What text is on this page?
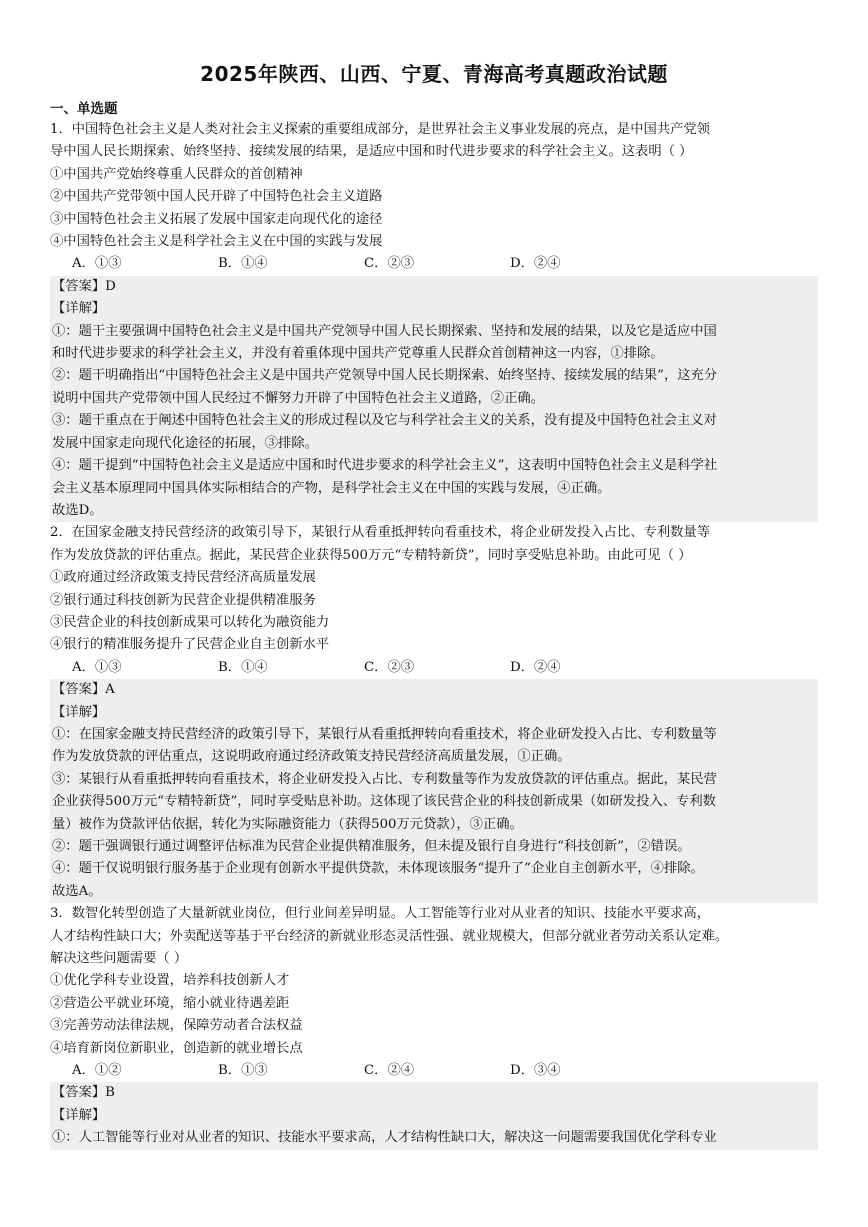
2025年陕西、山西、宁夏、青海高考真题政治试题
一、单选题
1．中国特色社会主义是人类对社会主义探索的重要组成部分，是世界社会主义事业发展的亮点，是中国共产党领
导中国人民长期探索、始终坚持、接续发展的结果，是适应中国和时代进步要求的科学社会主义。这表明（ ）
①中国共产党始终尊重人民群众的首创精神
②中国共产党带领中国人民开辟了中国特色社会主义道路
③中国特色社会主义拓展了发展中国家走向现代化的途径
④中国特色社会主义是科学社会主义在中国的实践与发展
A．①③	B．①④	C．②③	D．②④
【答案】D
【详解】
①：题干主要强调中国特色社会主义是中国共产党领导中国人民长期探索、坚持和发展的结果，以及它是适应中国
和时代进步要求的科学社会主义，并没有着重体现中国共产党尊重人民群众首创精神这一内容，①排除。
②：题干明确指出“中国特色社会主义是中国共产党领导中国人民长期探索、始终坚持、接续发展的结果”，这充分
说明中国共产党带领中国人民经过不懈努力开辟了中国特色社会主义道路，②正确。
③：题干重点在于阐述中国特色社会主义的形成过程以及它与科学社会主义的关系，没有提及中国特色社会主义对
发展中国家走向现代化途径的拓展，③排除。
④：题干提到“中国特色社会主义是适应中国和时代进步要求的科学社会主义”，这表明中国特色社会主义是科学社
会主义基本原理同中国具体实际相结合的产物，是科学社会主义在中国的实践与发展，④正确。
故选D。
2．在国家金融支持民营经济的政策引导下，某银行从看重抵押转向看重技术，将企业研发投入占比、专利数量等
作为发放贷款的评估重点。据此，某民营企业获得500万元“专精特新贷”，同时享受贴息补助。由此可见（ ）
①政府通过经济政策支持民营经济高质量发展
②银行通过科技创新为民营企业提供精准服务
③民营企业的科技创新成果可以转化为融资能力
④银行的精准服务提升了民营企业自主创新水平
A．①③	B．①④	C．②③	D．②④
【答案】A
【详解】
①：在国家金融支持民营经济的政策引导下，某银行从看重抵押转向看重技术，将企业研发投入占比、专利数量等
作为发放贷款的评估重点，这说明政府通过经济政策支持民营经济高质量发展，①正确。
③：某银行从看重抵押转向看重技术，将企业研发投入占比、专利数量等作为发放贷款的评估重点。据此，某民营
企业获得500万元“专精特新贷”，同时享受贴息补助。这体现了该民营企业的科技创新成果（如研发投入、专利数
量）被作为贷款评估依据，转化为实际融资能力（获得500万元贷款），③正确。
②：题干强调银行通过调整评估标准为民营企业提供精准服务，但未提及银行自身进行“科技创新”，②错误。
④：题干仅说明银行服务基于企业现有创新水平提供贷款，未体现该服务“提升了”企业自主创新水平，④排除。
故选A。
3．数智化转型创造了大量新就业岗位，但行业间差异明显。人工智能等行业对从业者的知识、技能水平要求高，
人才结构性缺口大；外卖配送等基于平台经济的新就业形态灵活性强、就业规模大，但部分就业者劳动关系认定难。
解决这些问题需要（ ）
①优化学科专业设置，培养科技创新人才
②营造公平就业环境，缩小就业待遇差距
③完善劳动法律法规，保障劳动者合法权益
④培育新岗位新职业，创造新的就业增长点
A．①②	B．①③	C．②④	D．③④
【答案】B
【详解】
①：人工智能等行业对从业者的知识、技能水平要求高，人才结构性缺口大，解决这一问题需要我国优化学科专业
